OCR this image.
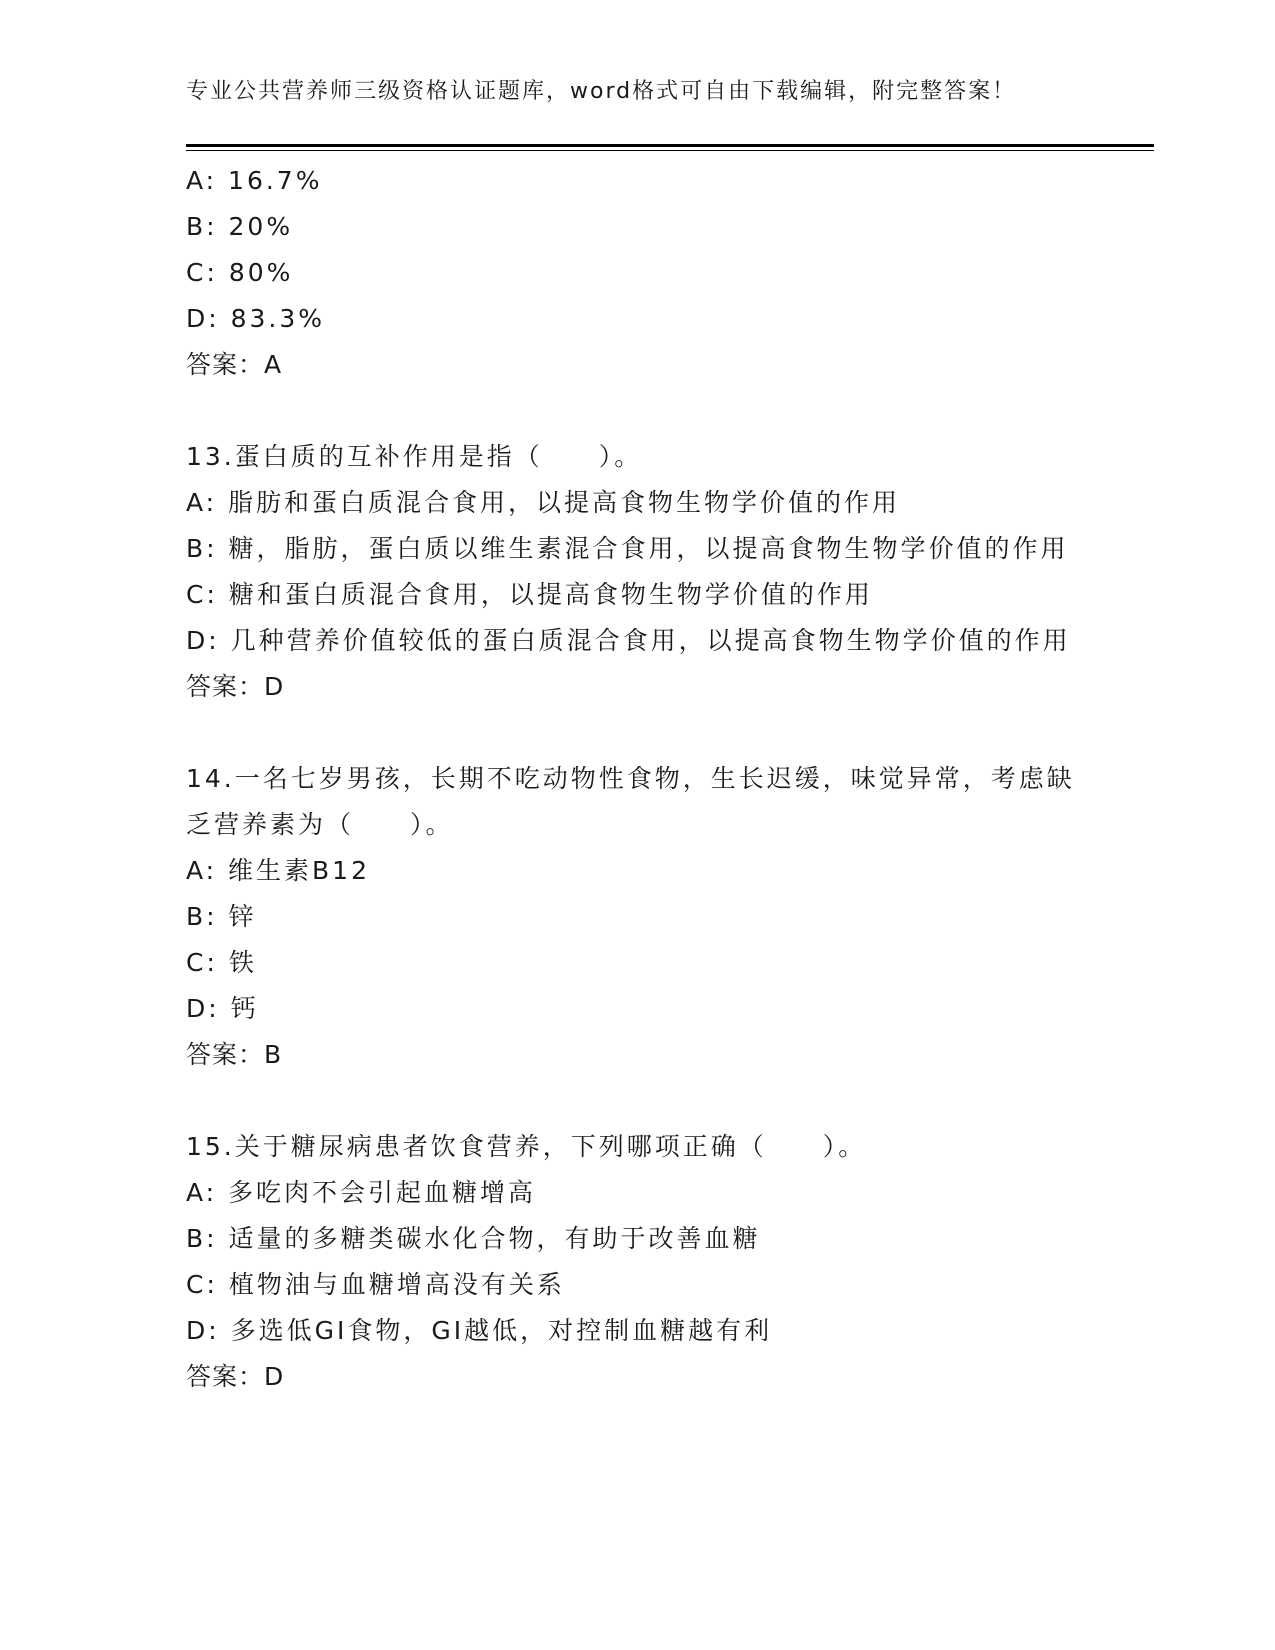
专业公共营养师三级资格认证题库，word格式可自由下载编辑，附完整答案！

A: 16.7%

B: 20%

C: 80%

D: 83.3%

答案：A

13.蛋白质的互补作用是指（　　）。

A: 脂肪和蛋白质混合食用，以提高食物生物学价值的作用

B: 糖，脂肪，蛋白质以维生素混合食用，以提高食物生物学价值的作用

C: 糖和蛋白质混合食用，以提高食物生物学价值的作用

D: 几种营养价值较低的蛋白质混合食用，以提高食物生物学价值的作用

答案：D

14.一名七岁男孩，长期不吃动物性食物，生长迟缓，味觉异常，考虑缺乏营养素为（　　）。

A: 维生素B12

B: 锌

C: 铁

D: 钙

答案：B

15.关于糖尿病患者饮食营养，下列哪项正确（　　）。

A: 多吃肉不会引起血糖增高

B: 适量的多糖类碳水化合物，有助于改善血糖

C: 植物油与血糖增高没有关系

D: 多选低GI食物，GI越低，对控制血糖越有利

答案：D
